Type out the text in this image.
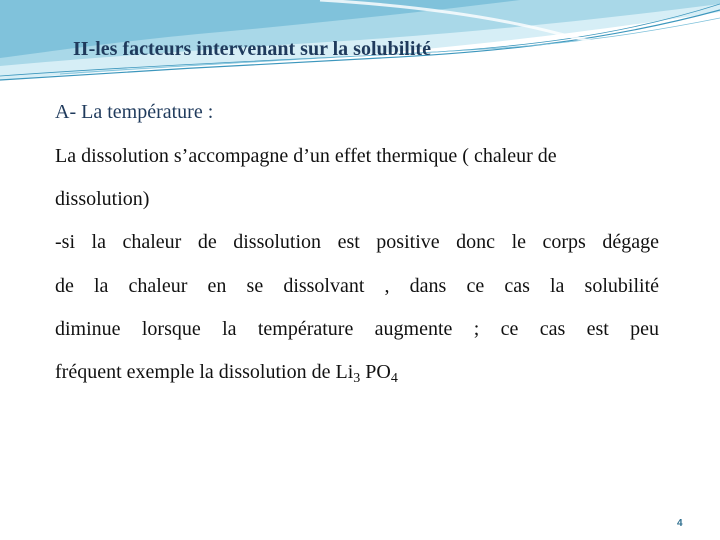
II-les facteurs intervenant sur la solubilité
A- La température :

La dissolution s’accompagne d’un effet thermique ( chaleur de

dissolution)

-si la chaleur de dissolution est positive donc le corps dégage

de la chaleur en se dissolvant , dans ce cas la solubilité

diminue lorsque la température augmente ; ce cas est peu

fréquent exemple la dissolution de $Li_3$ $PO_4$

4
